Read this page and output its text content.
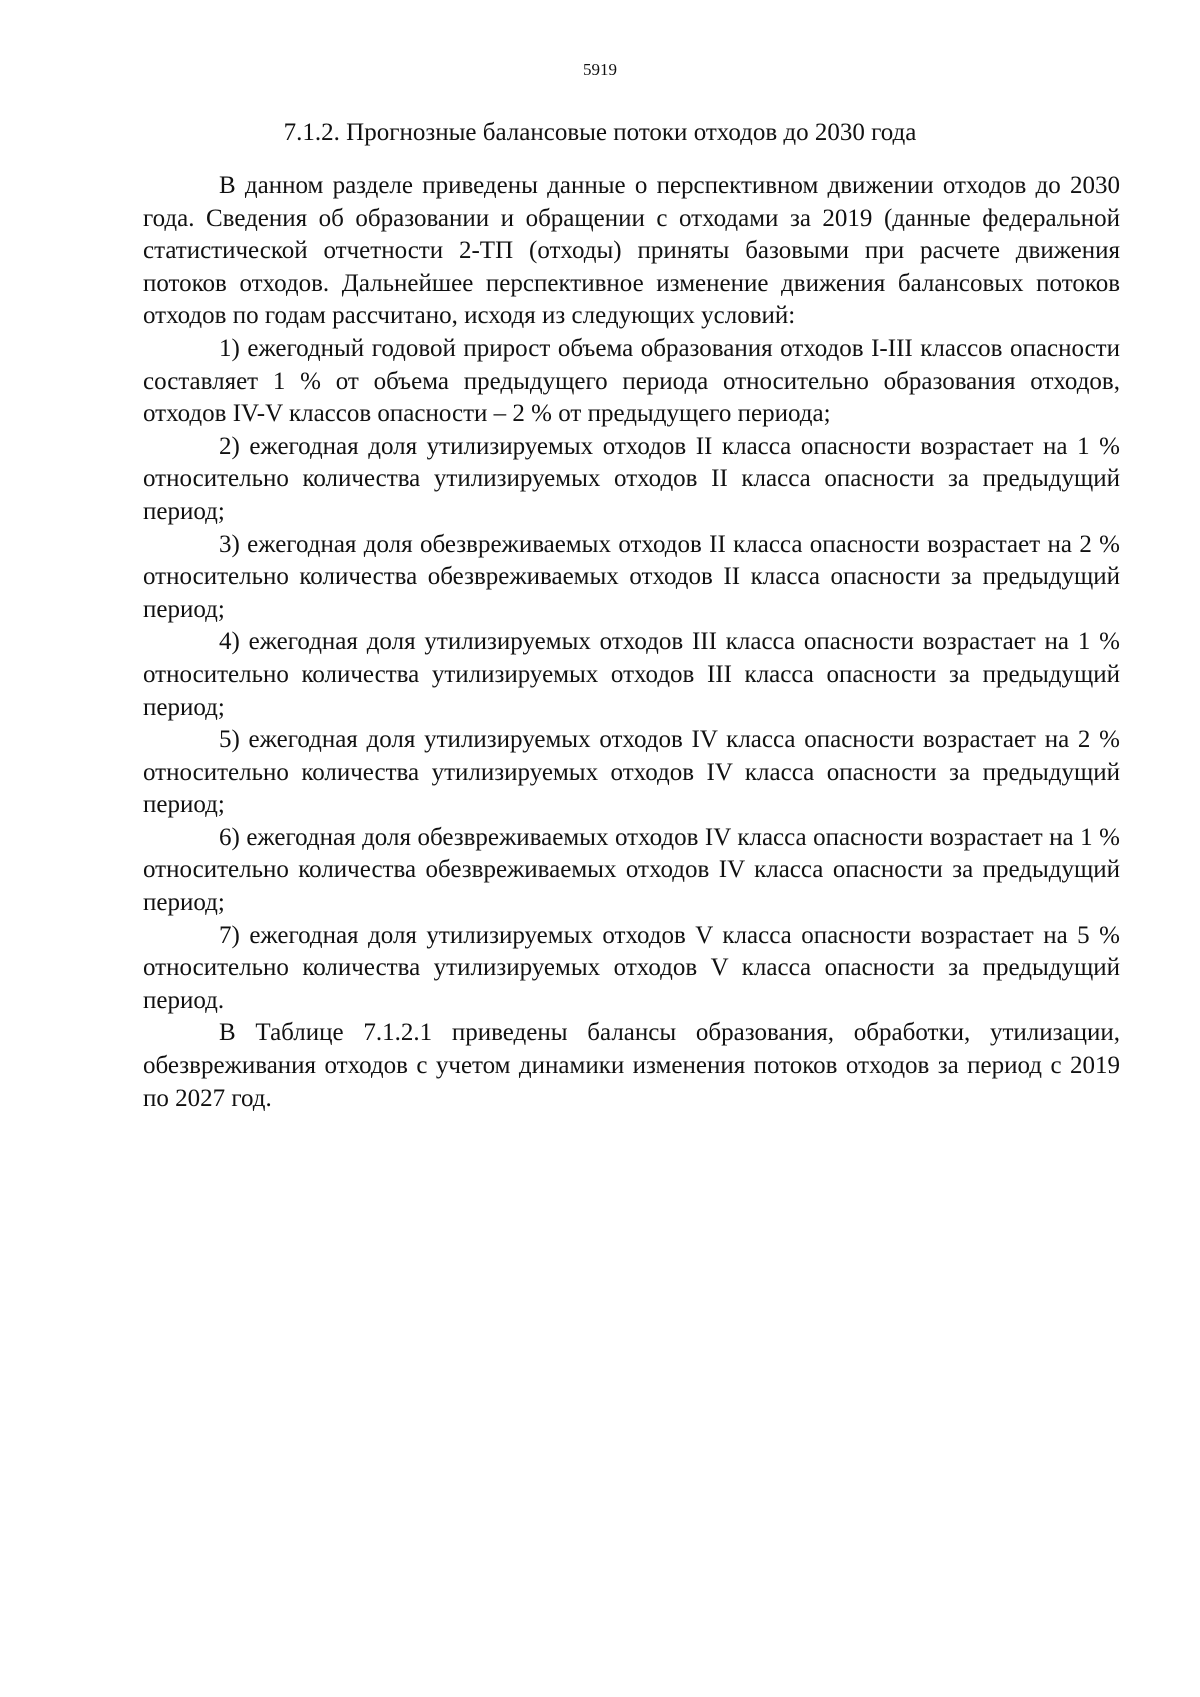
5919
7.1.2. Прогнозные балансовые потоки отходов до 2030 года

В данном разделе приведены данные о перспективном движении отходов до 2030 года. Сведения об образовании и обращении с отходами за 2019 (данные федеральной статистической отчетности 2-ТП (отходы) приняты базовыми при расчете движения потоков отходов. Дальнейшее перспективное изменение движения балансовых потоков отходов по годам рассчитано, исходя из следующих условий:

1) ежегодный годовой прирост объема образования отходов I-III классов опасности составляет 1 % от объема предыдущего периода относительно образования отходов, отходов IV-V классов опасности – 2 % от предыдущего периода;

2) ежегодная доля утилизируемых отходов II класса опасности возрастает на 1 % относительно количества утилизируемых отходов II класса опасности за предыдущий период;

3) ежегодная доля обезвреживаемых отходов II класса опасности возрастает на 2 % относительно количества обезвреживаемых отходов II класса опасности за предыдущий период;

4) ежегодная доля утилизируемых отходов III класса опасности возрастает на 1 % относительно количества утилизируемых отходов III класса опасности за предыдущий период;

5) ежегодная доля утилизируемых отходов IV класса опасности возрастает на 2 % относительно количества утилизируемых отходов IV класса опасности за предыдущий период;

6) ежегодная доля обезвреживаемых отходов IV класса опасности возрастает на 1 % относительно количества обезвреживаемых отходов IV класса опасности за предыдущий период;

7) ежегодная доля утилизируемых отходов V класса опасности возрастает на 5 % относительно количества утилизируемых отходов V класса опасности за предыдущий период.

В Таблице 7.1.2.1 приведены балансы образования, обработки, утилизации, обезвреживания отходов с учетом динамики изменения потоков отходов за период с 2019 по 2027 год.
